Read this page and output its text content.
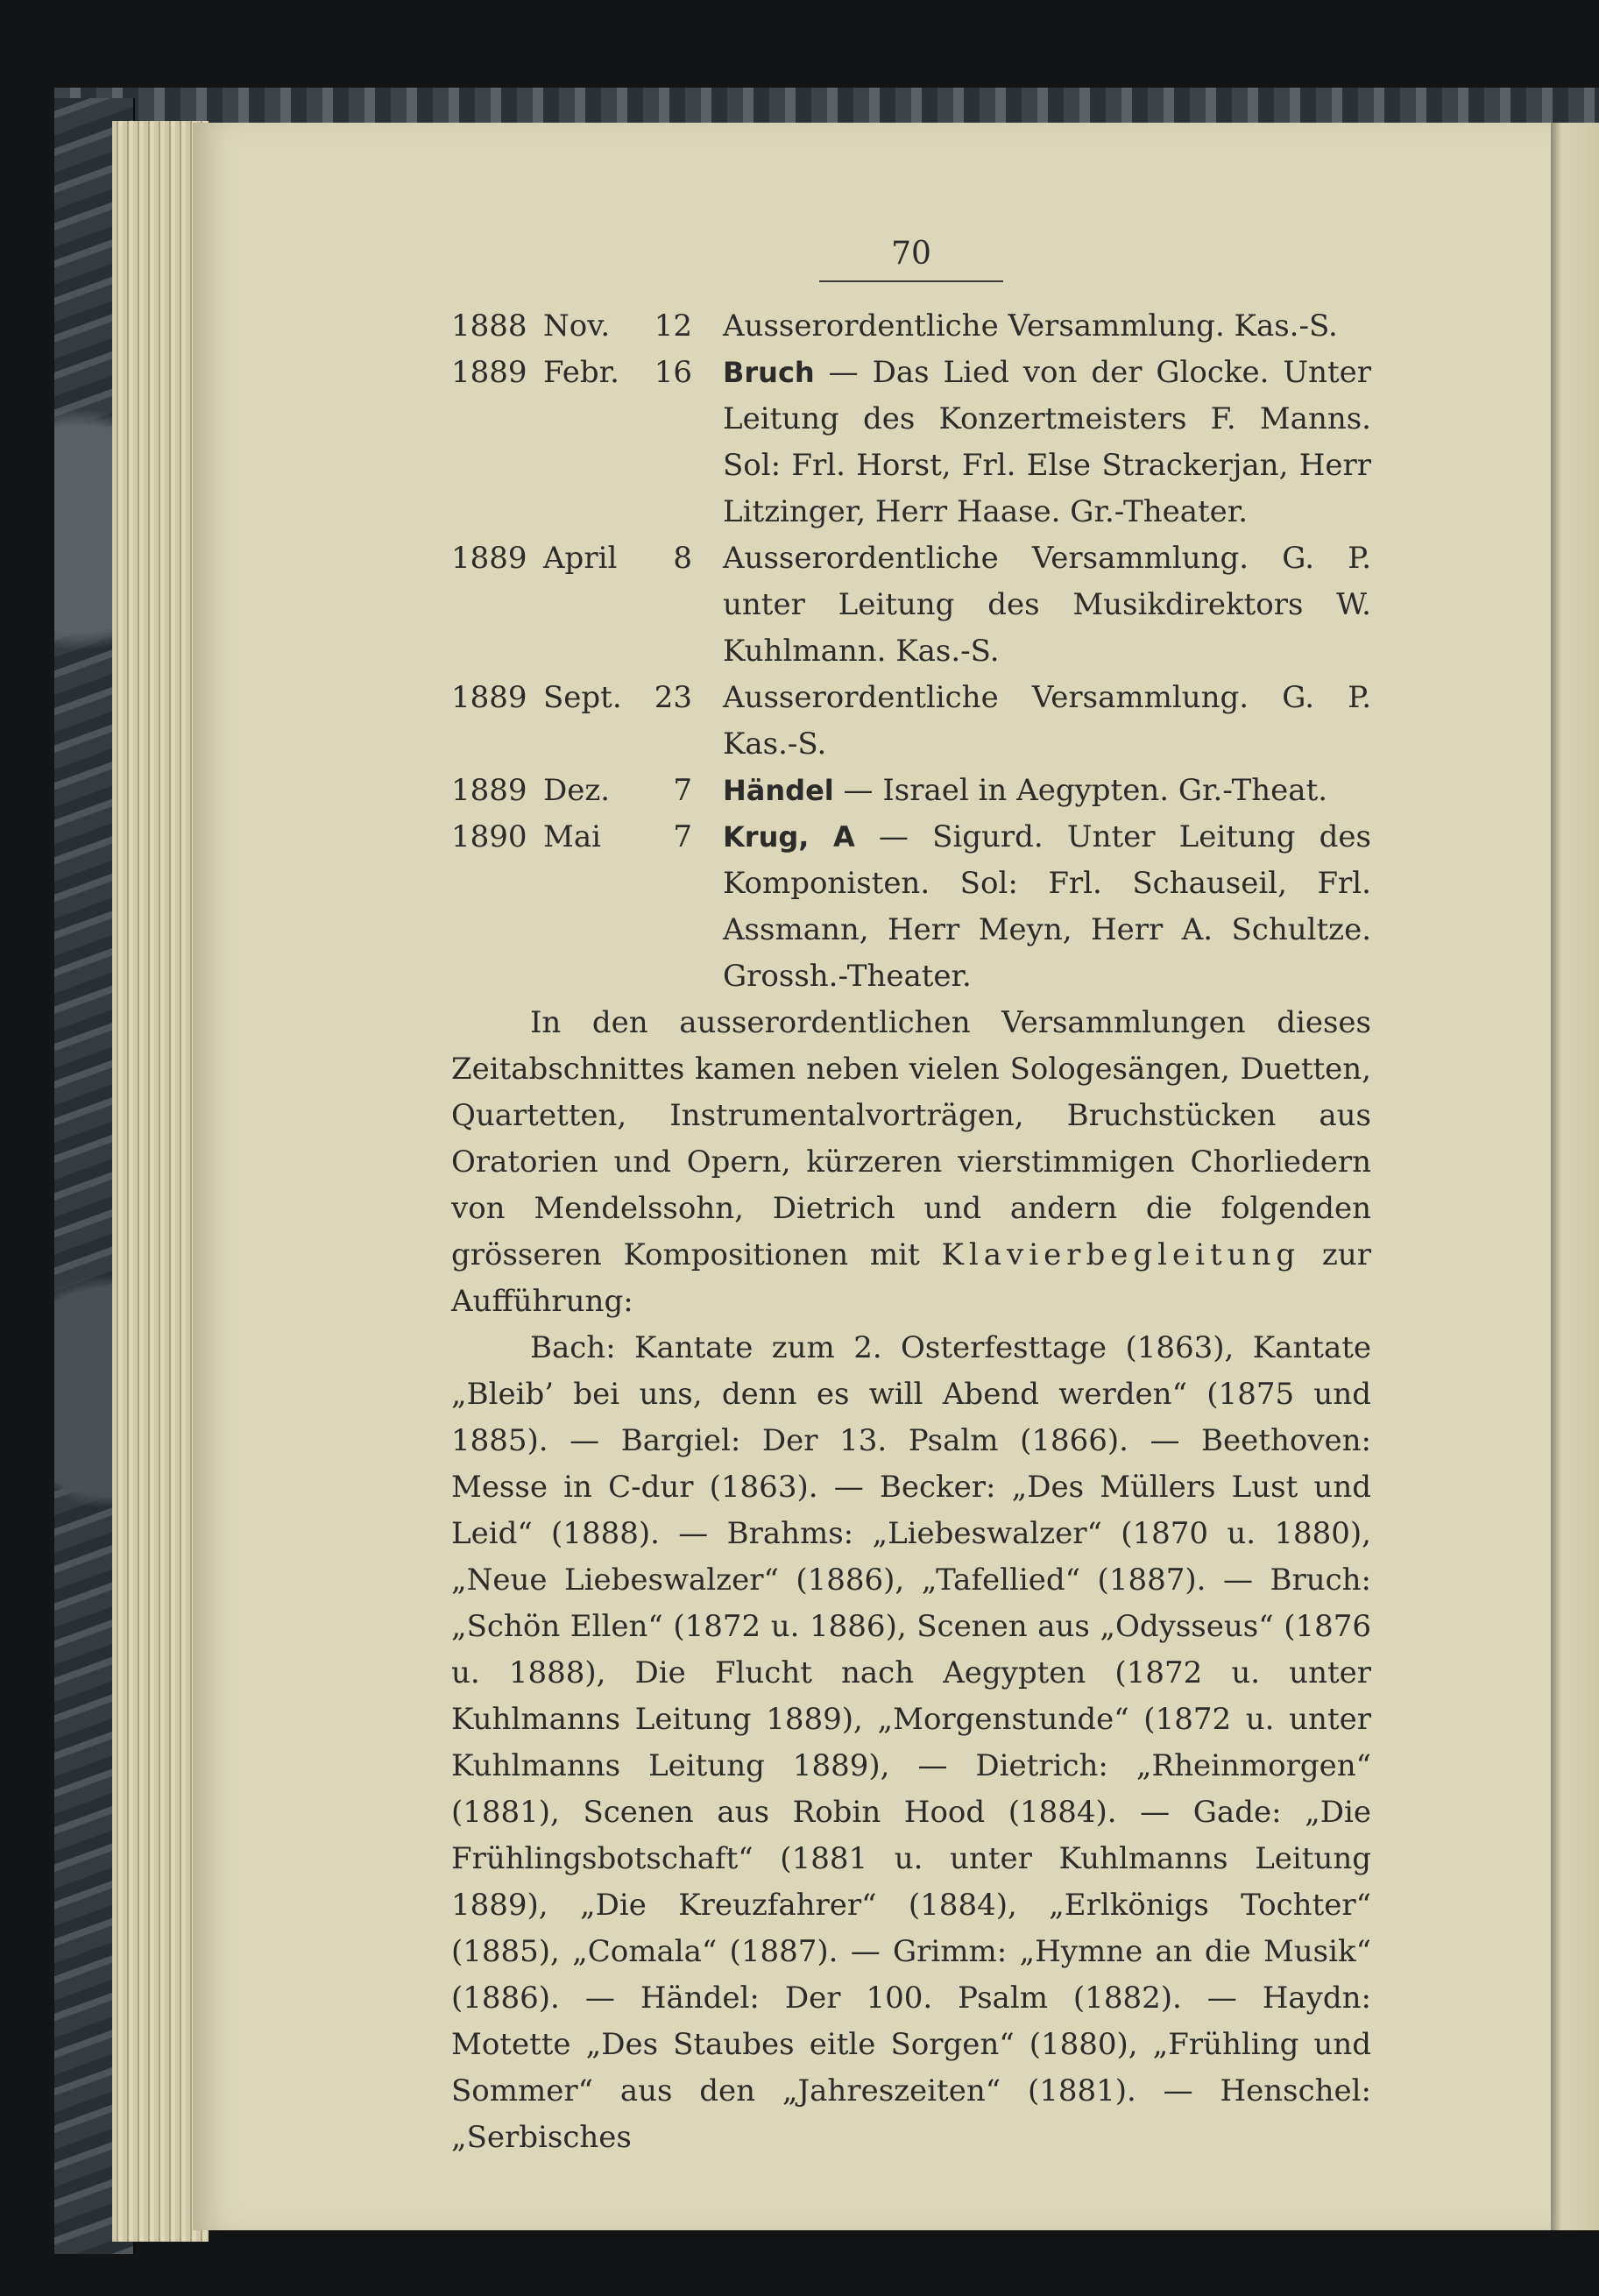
70
1888 Nov.	12	Ausserordentliche Versammlung. Kas.-S.
1889 Febr.	16	Bruch — Das Lied von der Glocke. Unter Leitung des Konzertmeisters F. Manns. Sol: Frl. Horst, Frl. Else Strackerjan, Herr Litzinger, Herr Haase. Gr.-Theater.
1889 April	8	Ausserordentliche Versammlung. G. P. unter Leitung des Musikdirektors W. Kuhlmann. Kas.-S.
1889 Sept.	23	Ausserordentliche Versammlung. G. P. Kas.-S.
1889 Dez.	7	Händel — Israel in Aegypten. Gr.-Theat.
1890 Mai	7	Krug, A — Sigurd. Unter Leitung des Komponisten. Sol: Frl. Schauseil, Frl. Assmann, Herr Meyn, Herr A. Schultze. Grossh.-Theater.

In den ausserordentlichen Versammlungen dieses Zeitabschnittes kamen neben vielen Sologesängen, Duetten, Quartetten, Instrumentalvorträgen, Bruchstücken aus Oratorien und Opern, kürzeren vierstimmigen Chorliedern von Mendelssohn, Dietrich und andern die folgenden grösseren Kompositionen mit Klavierbegleitung zur Aufführung:

Bach: Kantate zum 2. Osterfesttage (1863), Kantate „Bleib’ bei uns, denn es will Abend werden“ (1875 und 1885). — Bargiel: Der 13. Psalm (1866). — Beethoven: Messe in C-dur (1863). — Becker: „Des Müllers Lust und Leid“ (1888). — Brahms: „Liebeswalzer“ (1870 u. 1880), „Neue Liebeswalzer“ (1886), „Tafellied“ (1887). — Bruch: „Schön Ellen“ (1872 u. 1886), Scenen aus „Odysseus“ (1876 u. 1888), Die Flucht nach Aegypten (1872 u. unter Kuhlmanns Leitung 1889), „Morgenstunde“ (1872 u. unter Kuhlmanns Leitung 1889), — Dietrich: „Rheinmorgen“ (1881), Scenen aus Robin Hood (1884). — Gade: „Die Frühlingsbotschaft“ (1881 u. unter Kuhlmanns Leitung 1889), „Die Kreuzfahrer“ (1884), „Erlkönigs Tochter“ (1885), „Comala“ (1887). — Grimm: „Hymne an die Musik“ (1886). — Händel: Der 100. Psalm (1882). — Haydn: Motette „Des Staubes eitle Sorgen“ (1880), „Frühling und Sommer“ aus den „Jahreszeiten“ (1881). — Henschel: „Serbisches
